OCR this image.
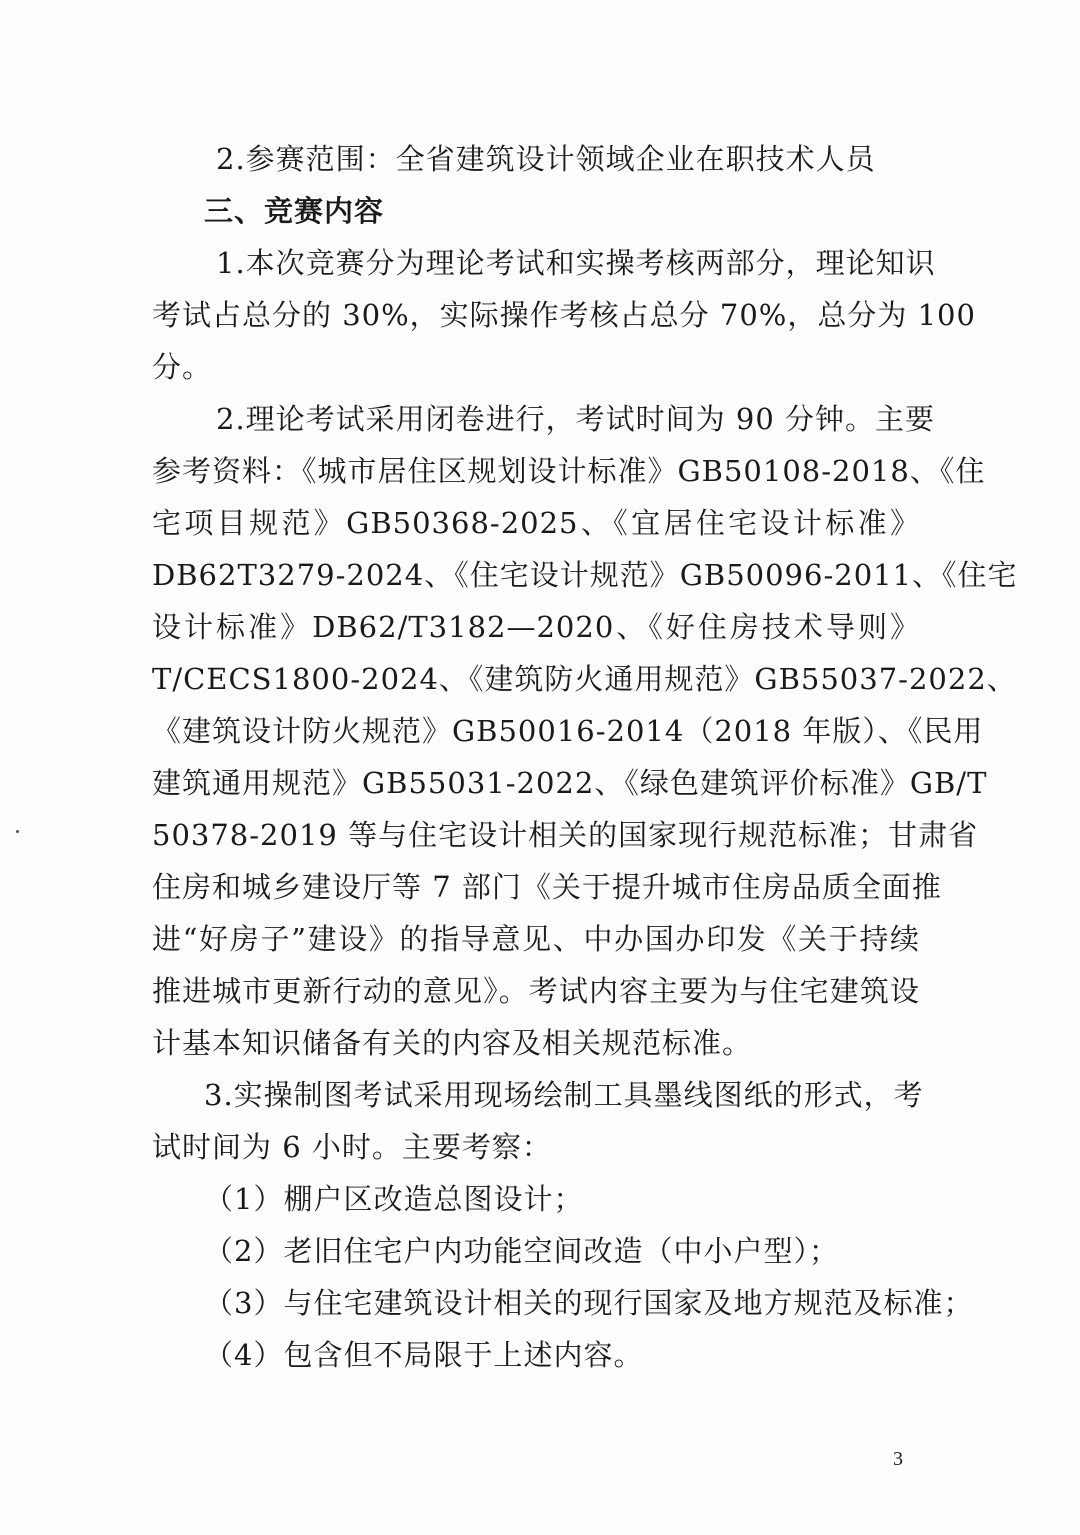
2.参赛范围：全省建筑设计领域企业在职技术人员
三、竞赛内容
1.本次竞赛分为理论考试和实操考核两部分，理论知识
考试占总分的 30%，实际操作考核占总分 70%，总分为 100
分。
2.理论考试采用闭卷进行，考试时间为 90 分钟。主要
参考资料：《城市居住区规划设计标准》GB50108-2018、《住
宅项目规范》GB50368-2025、《宜居住宅设计标准》
DB62T3279-2024、《住宅设计规范》GB50096-2011、《住宅
设计标准》DB62/T3182—2020、《好住房技术导则》
T/CECS1800-2024、《建筑防火通用规范》GB55037-2022、
《建筑设计防火规范》GB50016-2014（2018 年版）、《民用
建筑通用规范》GB55031-2022、《绿色建筑评价标准》GB/T
50378-2019 等与住宅设计相关的国家现行规范标准；甘肃省
住房和城乡建设厅等 7 部门《关于提升城市住房品质全面推
进“好房子”建设》的指导意见、中办国办印发《关于持续
推进城市更新行动的意见》。考试内容主要为与住宅建筑设
计基本知识储备有关的内容及相关规范标准。
3.实操制图考试采用现场绘制工具墨线图纸的形式，考
试时间为 6 小时。主要考察：
（1）棚户区改造总图设计；
（2）老旧住宅户内功能空间改造（中小户型）；
（3）与住宅建筑设计相关的现行国家及地方规范及标准；
（4）包含但不局限于上述内容。
3
